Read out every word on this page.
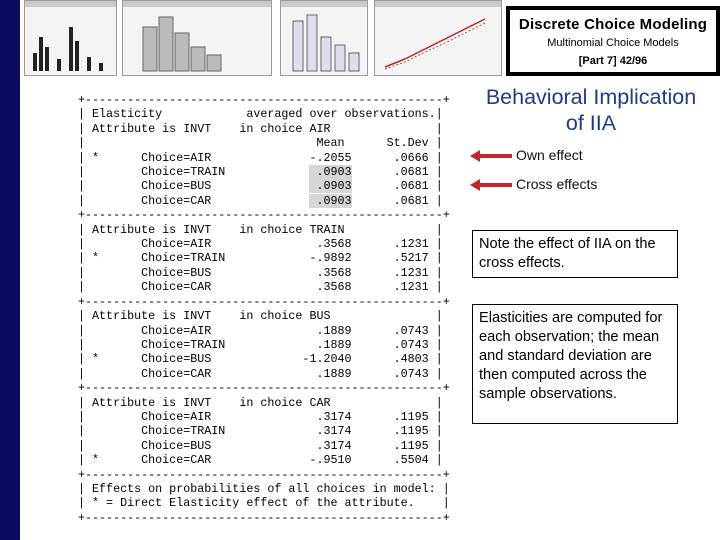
Discrete Choice Modeling
Multinomial Choice Models
[Part 7] 42/96
+---------------------------------------------------+
| Elasticity            averaged over observations.|
| Attribute is INVT    in choice AIR               |
|                                 Mean      St.Dev |
| *      Choice=AIR              -.2055      .0666 |
|        Choice=TRAIN             .0903      .0681 |
|        Choice=BUS               .0903      .0681 |
|        Choice=CAR               .0903      .0681 |
+---------------------------------------------------+
| Attribute is INVT    in choice TRAIN             |
|        Choice=AIR               .3568      .1231 |
| *      Choice=TRAIN            -.9892      .5217 |
|        Choice=BUS               .3568      .1231 |
|        Choice=CAR               .3568      .1231 |
+---------------------------------------------------+
| Attribute is INVT    in choice BUS               |
|        Choice=AIR               .1889      .0743 |
|        Choice=TRAIN             .1889      .0743 |
| *      Choice=BUS             -1.2040      .4803 |
|        Choice=CAR               .1889      .0743 |
+---------------------------------------------------+
| Attribute is INVT    in choice CAR               |
|        Choice=AIR               .3174      .1195 |
|        Choice=TRAIN             .3174      .1195 |
|        Choice=BUS               .3174      .1195 |
| *      Choice=CAR              -.9510      .5504 |
+---------------------------------------------------+
| Effects on probabilities of all choices in model: |
| * = Direct Elasticity effect of the attribute.    |
+---------------------------------------------------+

Behavioral Implication of IIA
Own effect
Cross effects
Note the effect of IIA on the cross effects.
Elasticities are computed for each observation; the mean and standard deviation are then computed across the sample observations.
